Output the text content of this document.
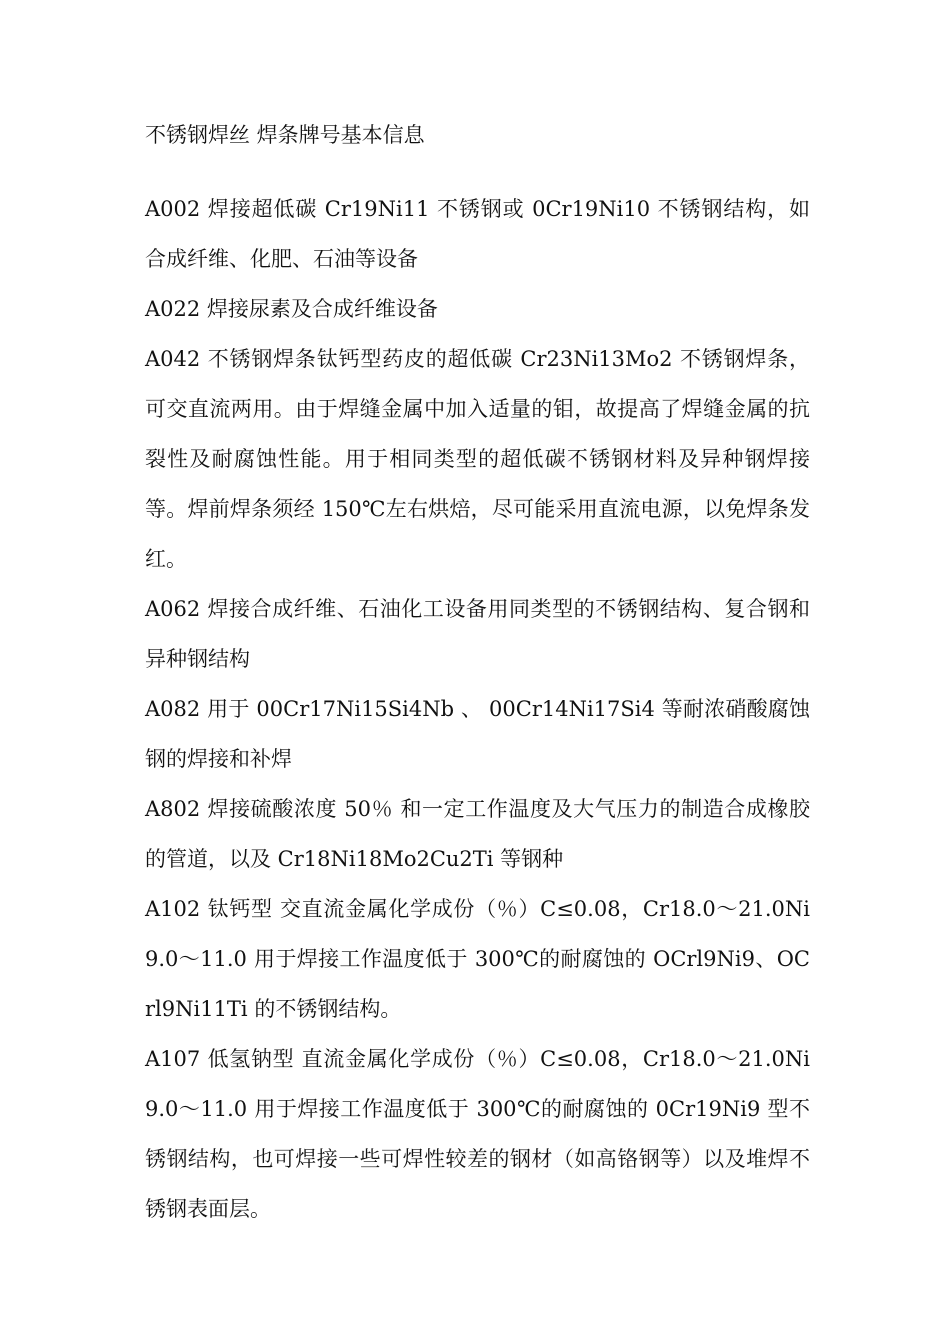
不锈钢焊丝 焊条牌号基本信息

A002 焊接超低碳 Cr19Ni11 不锈钢或 0Cr19Ni10 不锈钢结构，如合成纤维、化肥、石油等设备

A022 焊接尿素及合成纤维设备

A042 不锈钢焊条钛钙型药皮的超低碳 Cr23Ni13Mo2 不锈钢焊条，可交直流两用。由于焊缝金属中加入适量的钼，故提高了焊缝金属的抗裂性及耐腐蚀性能。用于相同类型的超低碳不锈钢材料及异种钢焊接等。焊前焊条须经 150℃左右烘焙，尽可能采用直流电源，以免焊条发红。

A062 焊接合成纤维、石油化工设备用同类型的不锈钢结构、复合钢和异种钢结构

A082 用于 00Cr17Ni15Si4Nb 、 00Cr14Ni17Si4 等耐浓硝酸腐蚀钢的焊接和补焊

A802 焊接硫酸浓度 50％ 和一定工作温度及大气压力的制造合成橡胶的管道，以及 Cr18Ni18Mo2Cu2Ti 等钢种

A102 钛钙型 交直流金属化学成份（％）C≤0.08，Cr18.0～21.0Ni9.0～11.0 用于焊接工作温度低于 300℃的耐腐蚀的 OCrl9Ni9、OCrl9Ni11Ti 的不锈钢结构。

A107 低氢钠型 直流金属化学成份（％）C≤0.08，Cr18.0～21.0Ni9.0～11.0 用于焊接工作温度低于 300℃的耐腐蚀的 0Cr19Ni9 型不锈钢结构，也可焊接一些可焊性较差的钢材（如高铬钢等）以及堆焊不锈钢表面层。
